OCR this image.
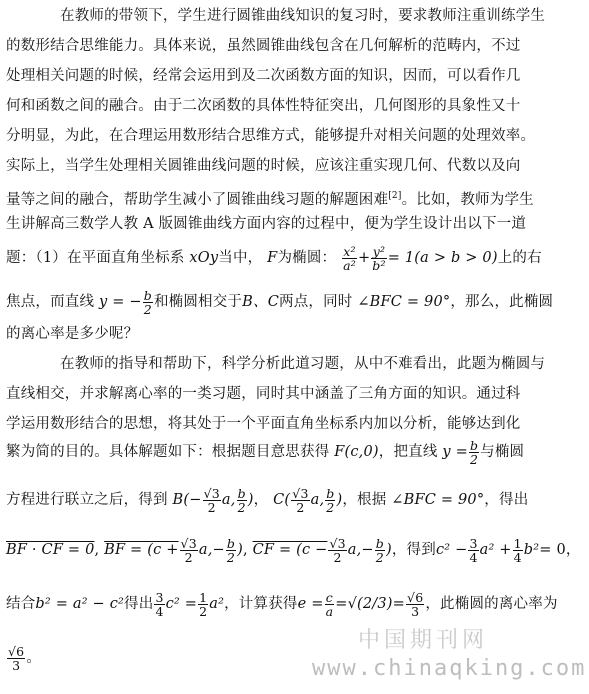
在教师的带领下，学生进行圆锥曲线知识的复习时，要求教师注重训练学生
的数形结合思维能力。具体来说，虽然圆锥曲线包含在几何解析的范畴内，不过
处理相关问题的时候，经常会运用到及二次函数方面的知识，因而，可以看作几
何和函数之间的融合。由于二次函数的具体性特征突出，几何图形的具象性又十
分明显，为此，在合理运用数形结合思维方式，能够提升对相关问题的处理效率。
实际上，当学生处理相关圆锥曲线问题的时候，应该注重实现几何、代数以及向
量等之间的融合，帮助学生减小了圆锥曲线习题的解题困难[2]。比如，教师为学生
生讲解高三数学人教 A 版圆锥曲线方面内容的过程中，便为学生设计出以下一道
题：（1）在平面直角坐标系 xOy当中， F为椭圆： $\frac{\text{x²}}{\text{a²}} + \frac{\text{y²}}{\text{b²}} = 1(a > b > 0)$上的右
焦点，而直线 y = − $\frac{b}{2}$ 和椭圆相交于B、C两点，同时 ∠BFC = 90°，那么，此椭圆
的离心率是多少呢？
在教师的指导和帮助下，科学分析此道习题，从中不难看出，此题为椭圆与
直线相交，并求解离心率的一类习题，同时其中涵盖了三角方面的知识。通过科
学运用数形结合的思想，将其处于一个平面直角坐标系内加以分析，能够达到化
繁为简的目的。具体解题如下：根据题目意思获得 F(c,0)，把直线 $y = \frac{b}{2}$ 与椭圆
方程进行联立之后，得到 $B(- \frac{√3}{2} a$, $\frac{b}{2}$ )， $C( \frac{√3}{2} a$, $\frac{b}{2}$ )，根据 ∠BFC = 90°，得出
BF · CF = 0, BF = ($c + \frac{√3}{2} a,- \frac{b}{2}$ ), CF = ($c - \frac{√3}{2} a,- \frac{b}{2}$ )，得到$c^2 - \frac{3}{4} a^2 + \frac{1}{4} b^2= 0$，
结合b² = a² − c²得出 $\frac{3}{4} c^2 = \frac{1}{2} a^2$，计算获得$e = \frac{c}{a} =√(2/3)= \frac{√6}{3}$ ，此椭圆的离心率为
$\frac{√6}{3}$ 。
中国期刊网
www.chinaqking.com
